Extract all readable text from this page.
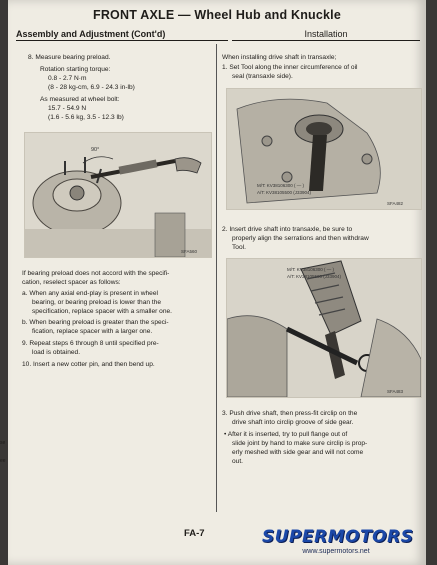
FRONT AXLE — Wheel Hub and Knuckle
Assembly and Adjustment (Cont'd)	Installation
8. Measure bearing preload.
Rotation starting torque:
0.8 - 2.7 N·m
(8 - 28 kg-cm, 6.9 - 24.3 in-lb)
As measured at wheel bolt:
15.7 - 54.9 N
(1.6 - 5.6 kg, 3.5 - 12.3 lb)
90°
SFA560
If bearing preload does not accord with the specifi-
cation, reselect spacer as follows:
a. When any axial end-play is present in wheel
bearing, or bearing preload is lower than the
specification, replace spacer with a smaller one.
b. When bearing preload is greater than the speci-
fication, replace spacer with a larger one.
9. Repeat steps 6 through 8 until specified pre-
load is obtained.
10. Insert a new cotter pin, and then bend up.
When installing drive shaft in transaxle;
1. Set Tool along the inner circumference of oil
seal (transaxle side).
M/T: KV38106300 ( — )
A/T: KV38105500 (J33904)
SFA482
2. Insert drive shaft into transaxle, be sure to
properly align the serrations and then withdraw
Tool.
M/T: KV38106300 ( — )
A/T: KV38105500 (J33904)
SFA483
3. Push drive shaft, then press-fit circlip on the
drive shaft into circlip groove of side gear.
• After it is inserted, try to pull flange out of
slide joint by hand to make sure circlip is prop-
erly meshed with side gear and will not come
out.
FA-7
se
ee
SUPERMOTORS
www.supermotors.net
